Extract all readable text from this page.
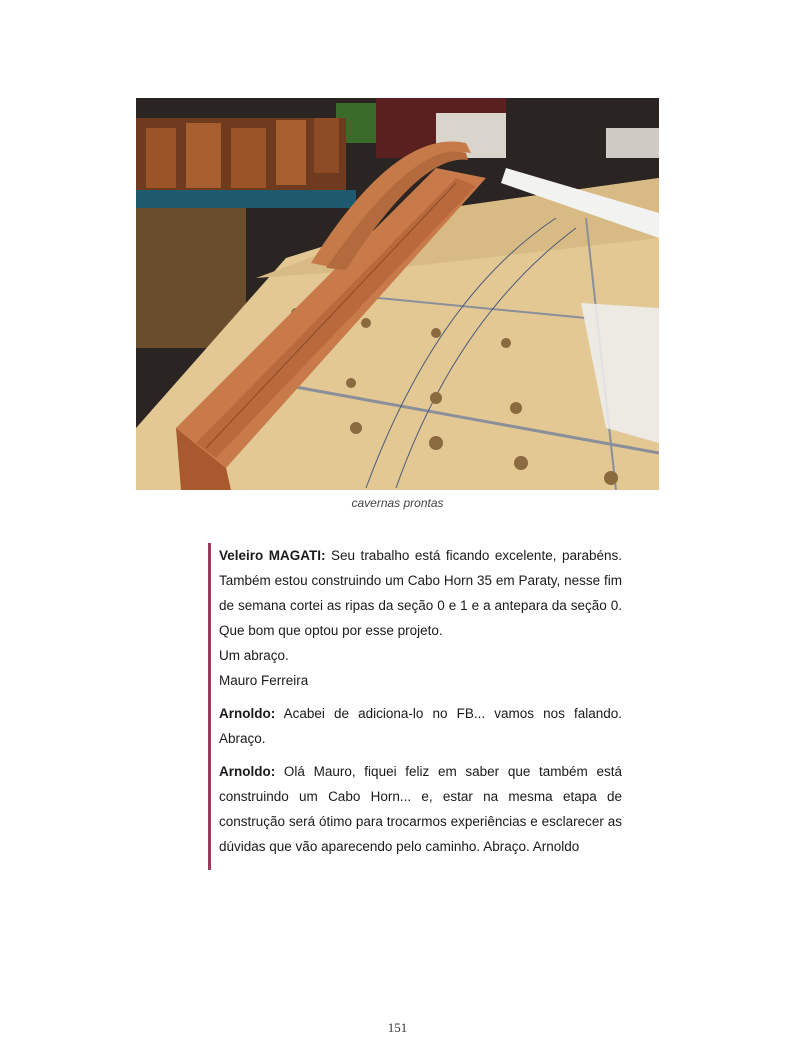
cavernas prontas
Veleiro MAGATI: Seu trabalho está ficando excelente, parabéns. Também estou construindo um Cabo Horn 35 em Paraty, nesse fim de semana cortei as ripas da seção 0 e 1 e a antepara da seção 0. Que bom que optou por esse projeto.
Um abraço.
Mauro Ferreira
Arnoldo: Acabei de adiciona-lo no FB... vamos nos falando. Abraço.
Arnoldo: Olá Mauro, fiquei feliz em saber que também está construindo um Cabo Horn... e, estar na mesma etapa de construção será ótimo para trocarmos experiências e esclarecer as dúvidas que vão aparecendo pelo caminho. Abraço. Arnoldo
151
